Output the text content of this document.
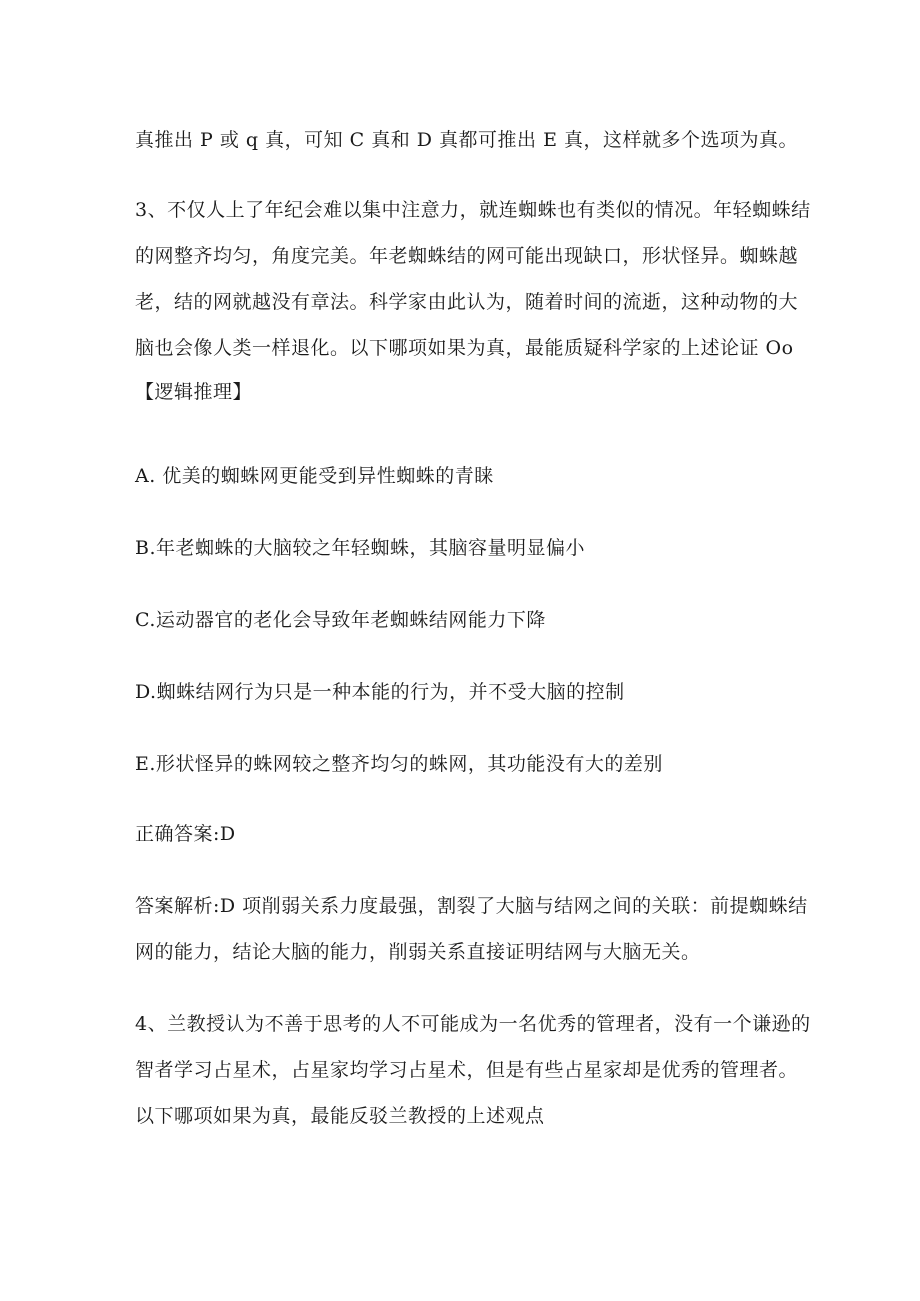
真推出 P 或 q 真，可知 C 真和 D 真都可推出 E 真，这样就多个选项为真。
3、不仅人上了年纪会难以集中注意力，就连蜘蛛也有类似的情况。年轻蜘蛛结
的网整齐均匀，角度完美。年老蜘蛛结的网可能出现缺口，形状怪异。蜘蛛越
老，结的网就越没有章法。科学家由此认为，随着时间的流逝，这种动物的大
脑也会像人类一样退化。以下哪项如果为真，最能质疑科学家的上述论证 Oo
【逻辑推理】
A. 优美的蜘蛛网更能受到异性蜘蛛的青睐
B.年老蜘蛛的大脑较之年轻蜘蛛，其脑容量明显偏小
C.运动器官的老化会导致年老蜘蛛结网能力下降
D.蜘蛛结网行为只是一种本能的行为，并不受大脑的控制
E.形状怪异的蛛网较之整齐均匀的蛛网，其功能没有大的差别
正确答案:D
答案解析:D 项削弱关系力度最强，割裂了大脑与结网之间的关联：前提蜘蛛结
网的能力，结论大脑的能力，削弱关系直接证明结网与大脑无关。
4、兰教授认为不善于思考的人不可能成为一名优秀的管理者，没有一个谦逊的
智者学习占星术，占星家均学习占星术，但是有些占星家却是优秀的管理者。
以下哪项如果为真，最能反驳兰教授的上述观点
